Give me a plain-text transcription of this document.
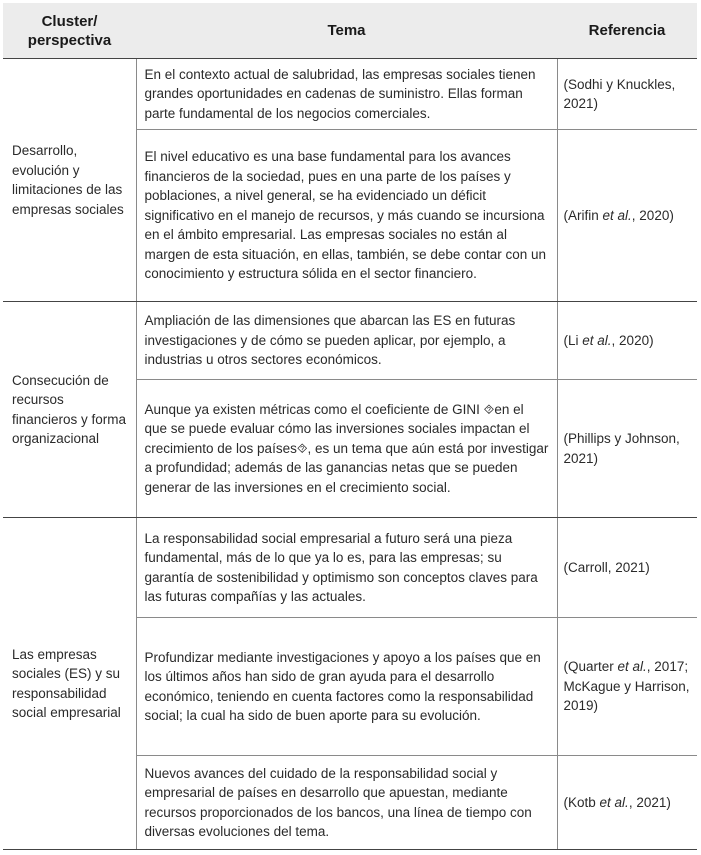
Cluster/ perspectiva	Tema	Referencia
Desarrollo, evolución y limitaciones de las empresas sociales	En el contexto actual de salubridad, las empresas sociales tienen grandes oportunidades en cadenas de suministro. Ellas forman parte fundamental de los negocios comerciales.	(Sodhi y Knuckles, 2021)
	El nivel educativo es una base fundamental para los avances financieros de la sociedad, pues en una parte de los países y poblaciones, a nivel general, se ha evidenciado un déficit significativo en el manejo de recursos, y más cuando se incursiona en el ámbito empresarial. Las empresas sociales no están al margen de esta situación, en ellas, también, se debe contar con un conocimiento y estructura sólida en el sector financiero.	(Arifin et al., 2020)
Consecución de recursos financieros y forma organizacional	Ampliación de las dimensiones que abarcan las ES en futuras investigaciones y de cómo se pueden aplicar, por ejemplo, a industrias u otros sectores económicos.	(Li et al., 2020)
	Aunque ya existen métricas como el coeficiente de GINI ⯑en el que se puede evaluar cómo las inversiones sociales impactan el crecimiento de los países⯑, es un tema que aún está por investigar a profundidad; además de las ganancias netas que se pueden generar de las inversiones en el crecimiento social.	(Phillips y Johnson, 2021)
Las empresas sociales (ES) y su responsabilidad social empresarial	La responsabilidad social empresarial a futuro será una pieza fundamental, más de lo que ya lo es, para las empresas; su garantía de sostenibilidad y optimismo son conceptos claves para las futuras compañías y las actuales.	(Carroll, 2021)
	Profundizar mediante investigaciones y apoyo a los países que en los últimos años han sido de gran ayuda para el desarrollo económico, teniendo en cuenta factores como la responsabilidad social; la cual ha sido de buen aporte para su evolución.	(Quarter et al., 2017; McKague y Harrison, 2019)
	Nuevos avances del cuidado de la responsabilidad social y empresarial de países en desarrollo que apuestan, mediante recursos proporcionados de los bancos, una línea de tiempo con diversas evoluciones del tema.	(Kotb et al., 2021)
